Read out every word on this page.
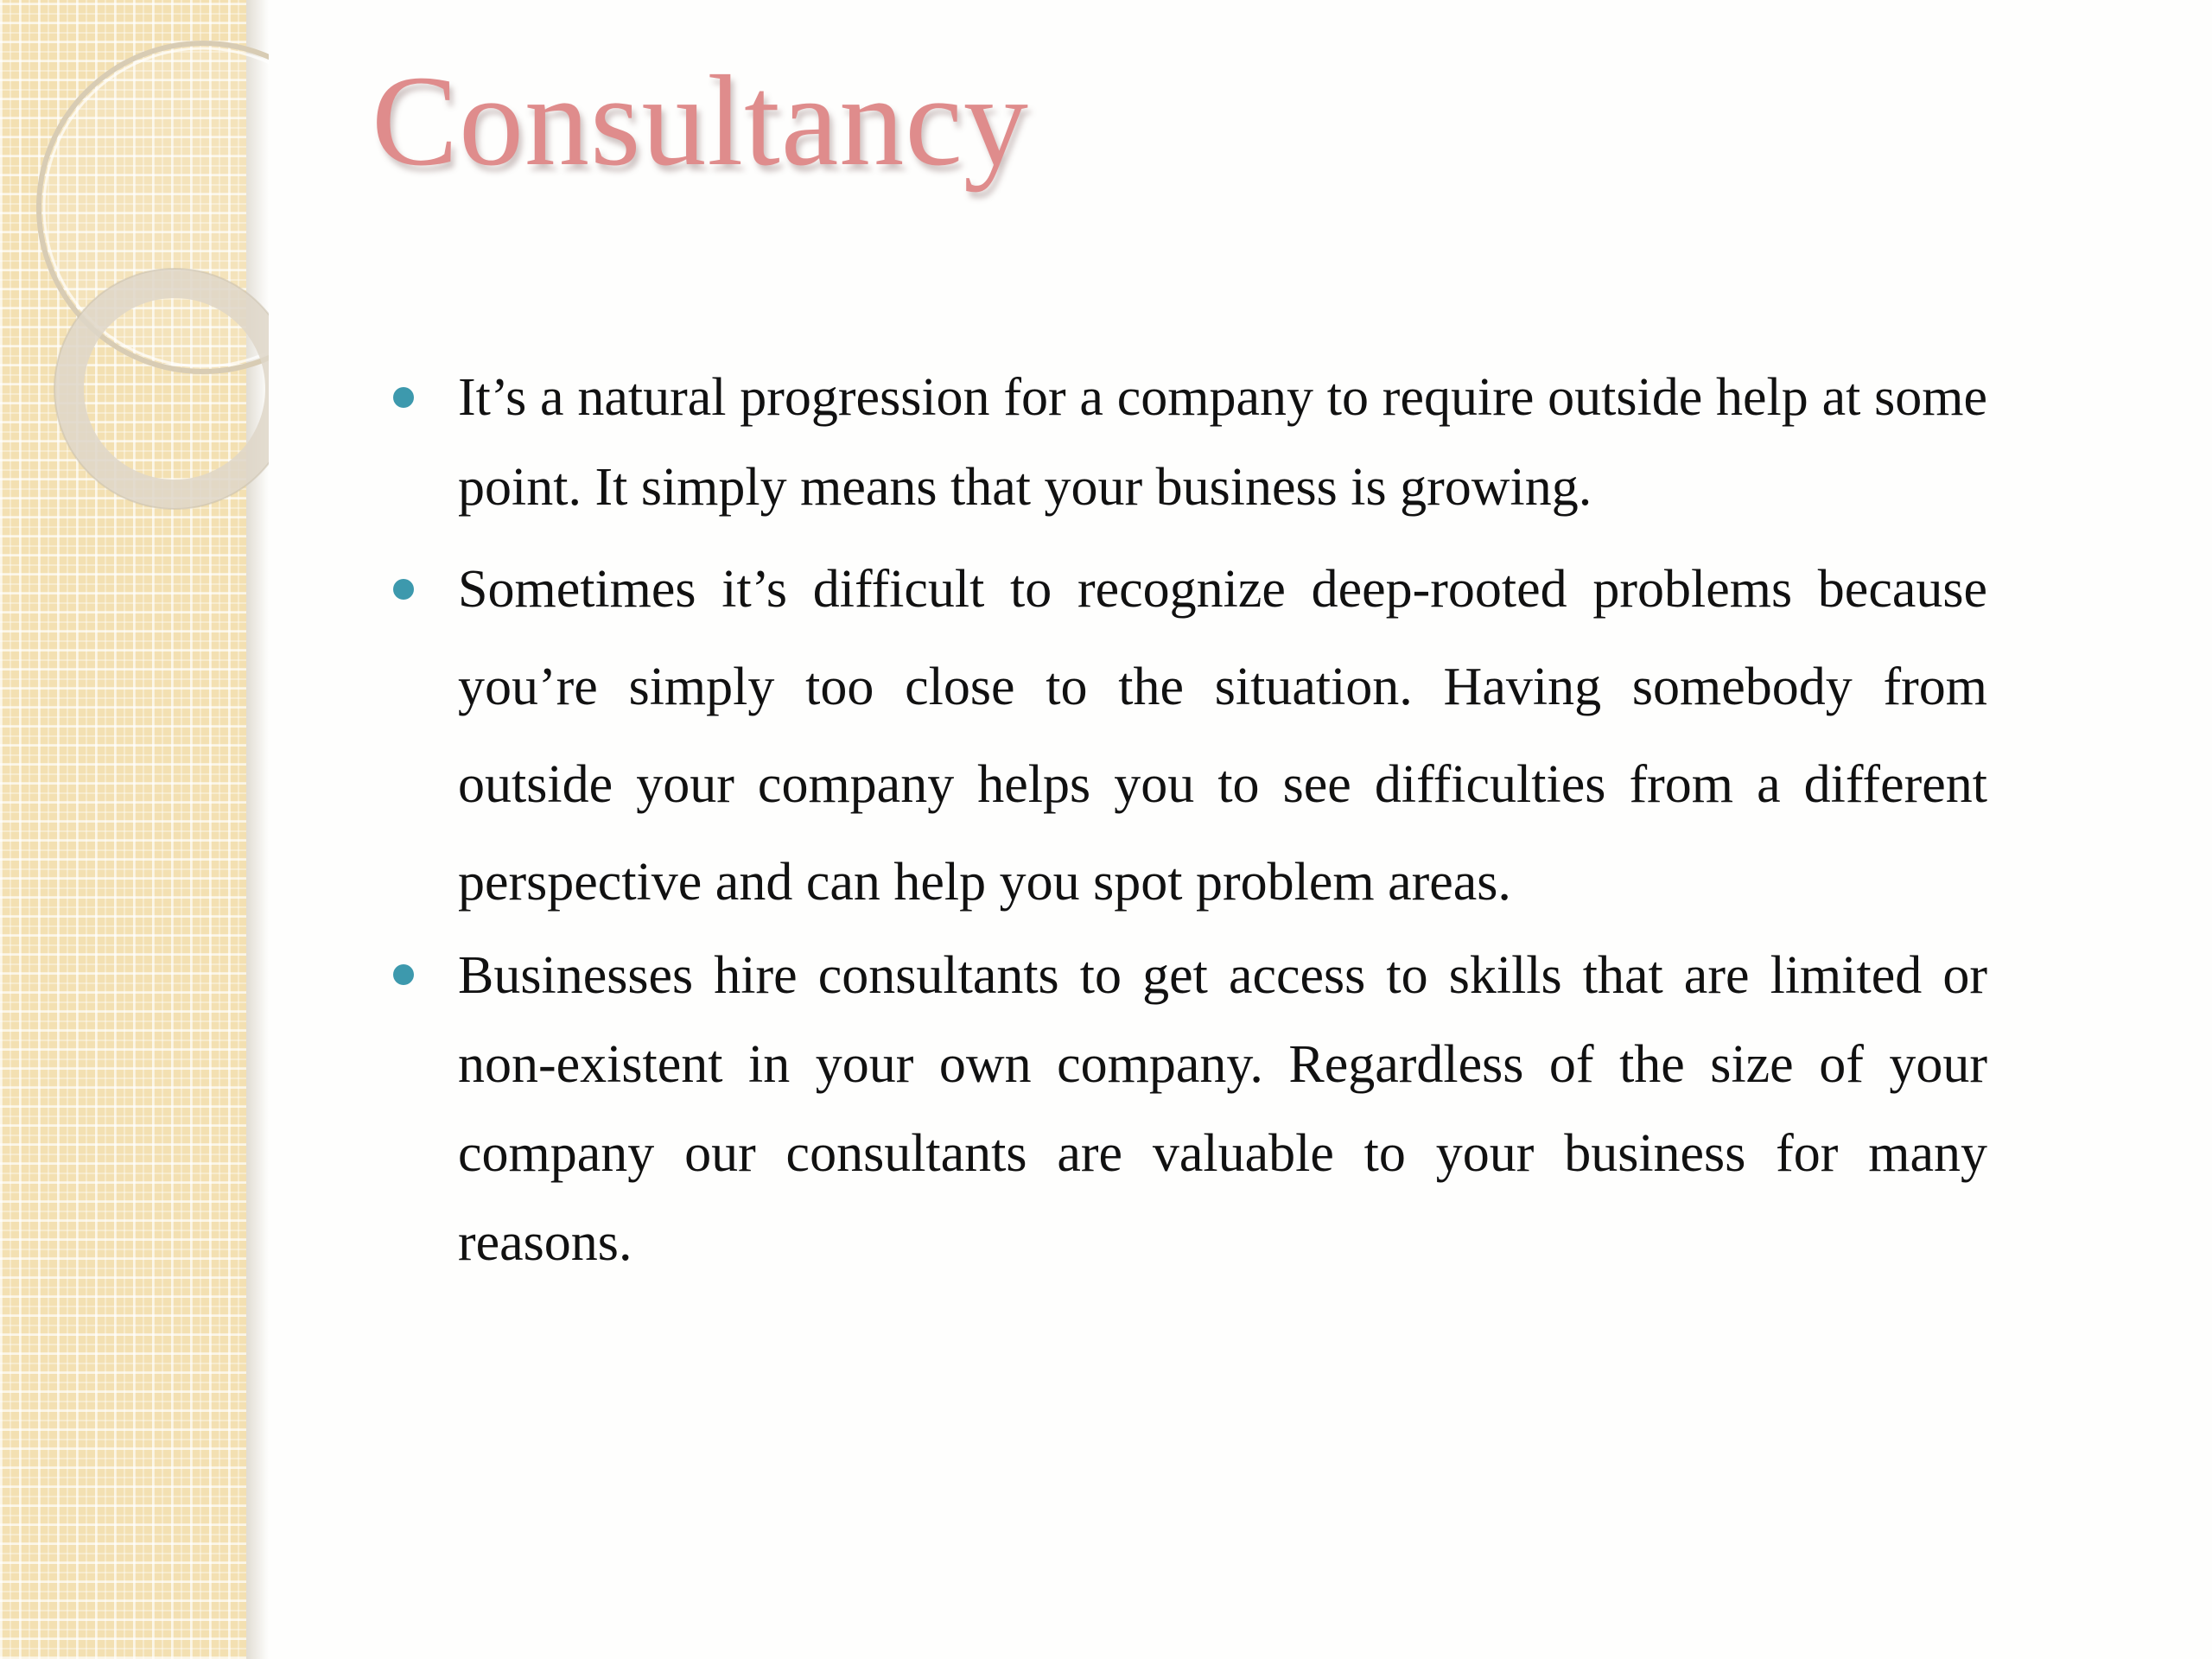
Consultancy
It’s a natural progression for a company to require outside help at some point. It simply means that your business is growing.
Sometimes it’s difficult to recognize deep-rooted problems because you’re simply too close to the situation. Having somebody from outside your company helps you to see difficulties from a different perspective and can help you spot problem areas.
Businesses hire consultants to get access to skills that are limited or non-existent in your own company. Regardless of the size of your company our consultants are valuable to your business for many reasons.
